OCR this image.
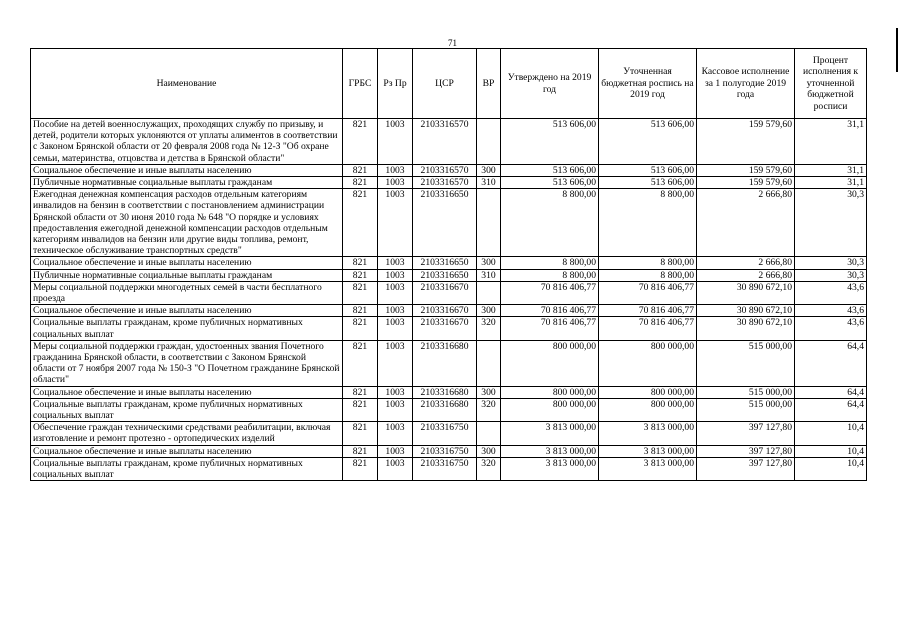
71
Наименование	ГРБС	Рз Пр	ЦСР	ВР	Утверждено на 2019 год	Уточненная бюджетная роспись на 2019 год	Кассовое исполнение за 1 полугодие 2019 года	Процент исполнения к уточненной бюджетной росписи
Пособие на детей военнослужащих, проходящих службу по призыву, и детей, родители которых уклоняются от уплаты алиментов в соответствии с Законом Брянской области от 20 февраля 2008 года № 12-З "Об охране семьи, материнства, отцовства и детства в Брянской области"	821	1003	2103316570		513 606,00	513 606,00	159 579,60	31,1
Социальное обеспечение и иные выплаты населению	821	1003	2103316570	300	513 606,00	513 606,00	159 579,60	31,1
Публичные нормативные социальные выплаты гражданам	821	1003	2103316570	310	513 606,00	513 606,00	159 579,60	31,1
Ежегодная денежная компенсация расходов отдельным категориям инвалидов на бензин в соответствии с постановлением администрации Брянской области от 30 июня 2010 года № 648 "О порядке и условиях предоставления ежегодной денежной компенсации расходов отдельным категориям инвалидов на бензин или другие виды топлива, ремонт, техническое обслуживание транспортных средств"	821	1003	2103316650		8 800,00	8 800,00	2 666,80	30,3
Социальное обеспечение и иные выплаты населению	821	1003	2103316650	300	8 800,00	8 800,00	2 666,80	30,3
Публичные нормативные социальные выплаты гражданам	821	1003	2103316650	310	8 800,00	8 800,00	2 666,80	30,3
Меры социальной поддержки многодетных семей в части бесплатного проезда	821	1003	2103316670		70 816 406,77	70 816 406,77	30 890 672,10	43,6
Социальное обеспечение и иные выплаты населению	821	1003	2103316670	300	70 816 406,77	70 816 406,77	30 890 672,10	43,6
Социальные выплаты гражданам, кроме публичных нормативных социальных выплат	821	1003	2103316670	320	70 816 406,77	70 816 406,77	30 890 672,10	43,6
Меры социальной поддержки граждан, удостоенных звания Почетного гражданина Брянской области, в соответствии с Законом Брянской области от 7 ноября 2007 года № 150-З "О Почетном гражданине Брянской области"	821	1003	2103316680		800 000,00	800 000,00	515 000,00	64,4
Социальное обеспечение и иные выплаты населению	821	1003	2103316680	300	800 000,00	800 000,00	515 000,00	64,4
Социальные выплаты гражданам, кроме публичных нормативных социальных выплат	821	1003	2103316680	320	800 000,00	800 000,00	515 000,00	64,4
Обеспечение граждан техническими средствами реабилитации, включая изготовление и ремонт протезно - ортопедических изделий	821	1003	2103316750		3 813 000,00	3 813 000,00	397 127,80	10,4
Социальное обеспечение и иные выплаты населению	821	1003	2103316750	300	3 813 000,00	3 813 000,00	397 127,80	10,4
Социальные выплаты гражданам, кроме публичных нормативных социальных выплат	821	1003	2103316750	320	3 813 000,00	3 813 000,00	397 127,80	10,4
